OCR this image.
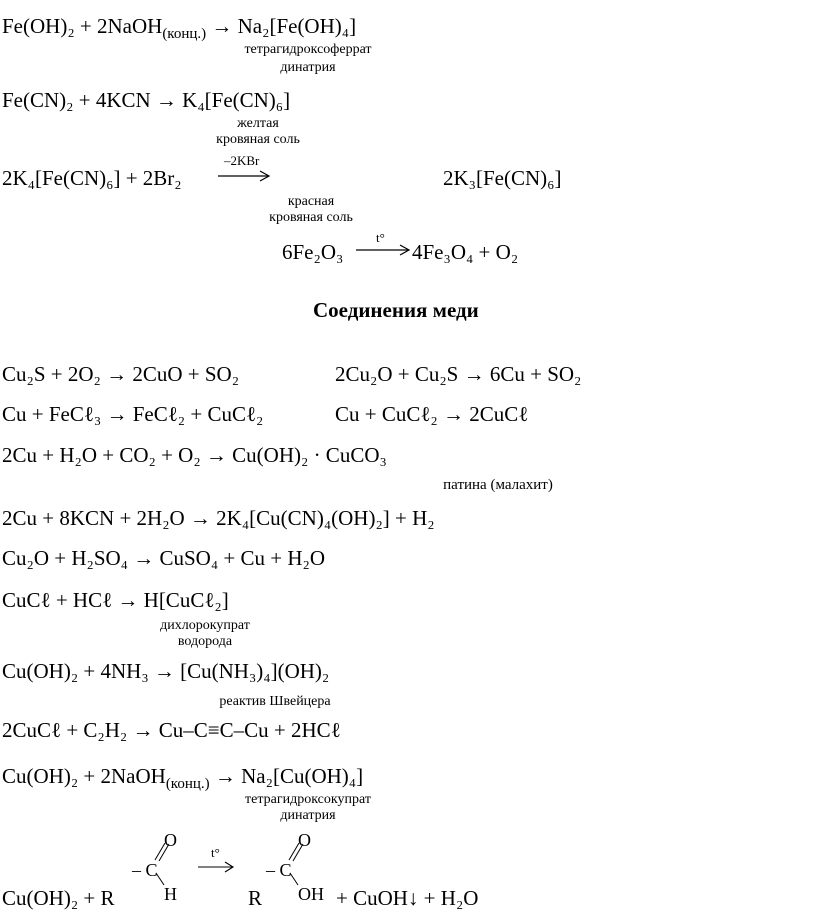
Fe(OH)₂ + 2NaOH$_{(конц.)}$ → Na₂[Fe(OH)₄]
тетрагидроксоферрат
динатрия
Fe(CN)₂ + 4KCN → K₄[Fe(CN)₆]
желтая
кровяная соль
2K₄[Fe(CN)₆] + 2Br₂
–2KBr
2K₃[Fe(CN)₆]
красная
кровяная соль
6Fe₂O₃
t°
4Fe₃O₄ + O₂
Соединения меди
Cu₂S + 2O₂ → 2CuO + SO₂	2Cu₂O + Cu₂S → 6Cu + SO₂
Cu + FeCℓ₃ → FeCℓ₂ + CuCℓ₂	Cu + CuCℓ₂ → 2CuCℓ
2Cu + H₂O + CO₂ + O₂ → Cu(OH)₂ · CuCO₃
патина (малахит)
2Cu + 8KCN + 2H₂O → 2K₄[Cu(CN)₄(OH)₂] + H₂
Cu₂O + H₂SO₄ → CuSO₄ + Cu + H₂O
CuCℓ + HCℓ → H[CuCℓ₂]
дихлорокупрат
водорода
Cu(OH)₂ + 4NH₃ → [Cu(NH₃)₄](OH)₂
реактив Швейцера
2CuCℓ + C₂H₂ → Cu–C≡C–Cu + 2HCℓ
Cu(OH)₂ + 2NaOH$_{(конц.)}$ → Na₂[Cu(OH)₄]
тетрагидроксокупрат
динатрия
Cu(OH)₂ + R
O
– C
H
t°
R
O
– C
OH + CuOH↓ + H₂O
